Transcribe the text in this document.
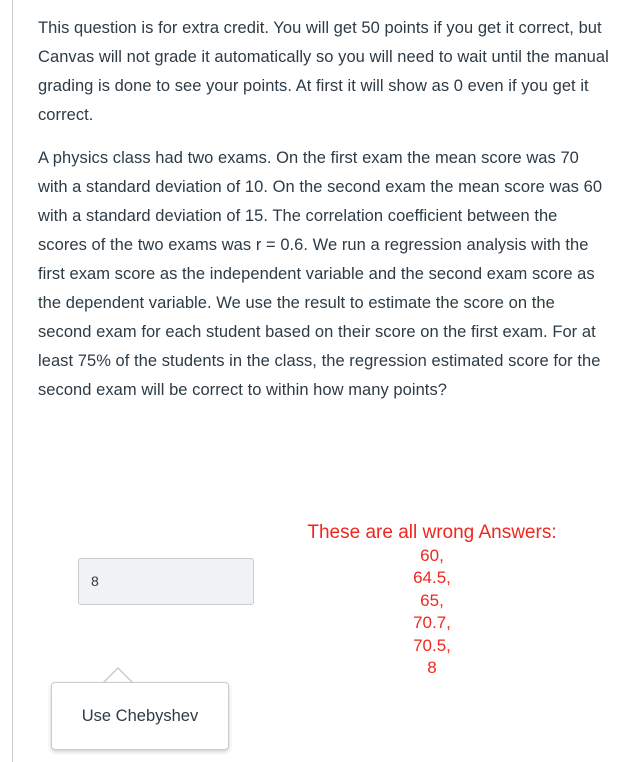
This question is for extra credit. You will get 50 points if you get it correct, but Canvas will not grade it automatically so you will need to wait until the manual grading is done to see your points. At first it will show as 0 even if you get it correct.

A physics class had two exams. On the first exam the mean score was 70 with a standard deviation of 10. On the second exam the mean score was 60 with a standard deviation of 15. The correlation coefficient between the scores of the two exams was r = 0.6. We run a regression analysis with the first exam score as the independent variable and the second exam score as the dependent variable. We use the result to estimate the score on the second exam for each student based on their score on the first exam. For at least 75% of the students in the class, the regression estimated score for the second exam will be correct to within how many points?

These are all wrong Answers:
60,
64.5,
65,
70.7,
70.5,
8
8
Use Chebyshev
